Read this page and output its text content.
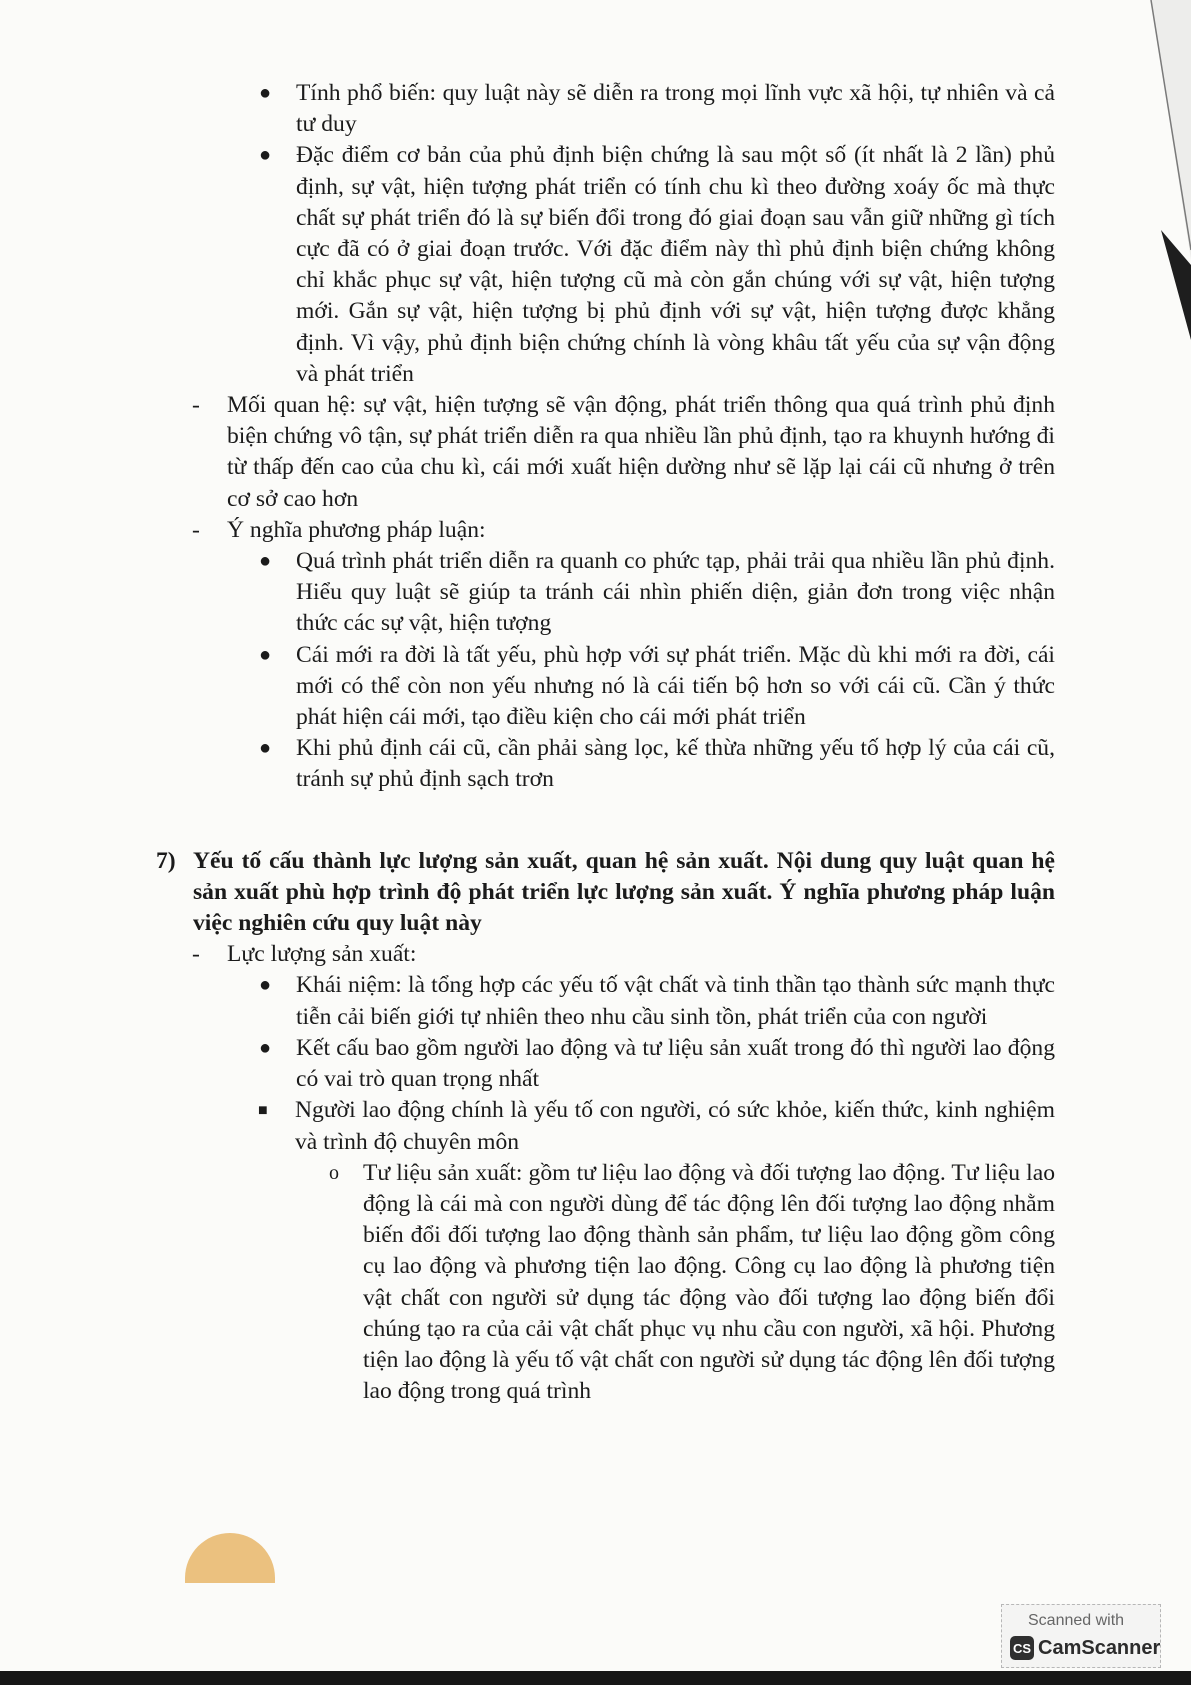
● Tính phổ biến: quy luật này sẽ diễn ra trong mọi lĩnh vực xã hội, tự nhiên và cả tư duy
● Đặc điểm cơ bản của phủ định biện chứng là sau một số (ít nhất là 2 lần) phủ định, sự vật, hiện tượng phát triển có tính chu kì theo đường xoáy ốc mà thực chất sự phát triển đó là sự biến đổi trong đó giai đoạn sau vẫn giữ những gì tích cực đã có ở giai đoạn trước. Với đặc điểm này thì phủ định biện chứng không chỉ khắc phục sự vật, hiện tượng cũ mà còn gắn chúng với sự vật, hiện tượng mới. Gắn sự vật, hiện tượng bị phủ định với sự vật, hiện tượng được khẳng định. Vì vậy, phủ định biện chứng chính là vòng khâu tất yếu của sự vận động và phát triển
- Mối quan hệ: sự vật, hiện tượng sẽ vận động, phát triển thông qua quá trình phủ định biện chứng vô tận, sự phát triển diễn ra qua nhiều lần phủ định, tạo ra khuynh hướng đi từ thấp đến cao của chu kì, cái mới xuất hiện dường như sẽ lặp lại cái cũ nhưng ở trên cơ sở cao hơn
- Ý nghĩa phương pháp luận:
● Quá trình phát triển diễn ra quanh co phức tạp, phải trải qua nhiều lần phủ định. Hiểu quy luật sẽ giúp ta tránh cái nhìn phiến diện, giản đơn trong việc nhận thức các sự vật, hiện tượng
● Cái mới ra đời là tất yếu, phù hợp với sự phát triển. Mặc dù khi mới ra đời, cái mới có thể còn non yếu nhưng nó là cái tiến bộ hơn so với cái cũ. Cần ý thức phát hiện cái mới, tạo điều kiện cho cái mới phát triển
● Khi phủ định cái cũ, cần phải sàng lọc, kế thừa những yếu tố hợp lý của cái cũ, tránh sự phủ định sạch trơn
7) Yếu tố cấu thành lực lượng sản xuất, quan hệ sản xuất. Nội dung quy luật quan hệ sản xuất phù hợp trình độ phát triển lực lượng sản xuất. Ý nghĩa phương pháp luận việc nghiên cứu quy luật này
- Lực lượng sản xuất:
● Khái niệm: là tổng hợp các yếu tố vật chất và tinh thần tạo thành sức mạnh thực tiễn cải biến giới tự nhiên theo nhu cầu sinh tồn, phát triển của con người
● Kết cấu bao gồm người lao động và tư liệu sản xuất trong đó thì người lao động có vai trò quan trọng nhất
■ Người lao động chính là yếu tố con người, có sức khỏe, kiến thức, kinh nghiệm và trình độ chuyên môn
o Tư liệu sản xuất: gồm tư liệu lao động và đối tượng lao động. Tư liệu lao động là cái mà con người dùng để tác động lên đối tượng lao động nhằm biến đổi đối tượng lao động thành sản phẩm, tư liệu lao động gồm công cụ lao động và phương tiện lao động. Công cụ lao động là phương tiện vật chất con người sử dụng tác động vào đối tượng lao động biến đổi chúng tạo ra của cải vật chất phục vụ nhu cầu con người, xã hội. Phương tiện lao động là yếu tố vật chất con người sử dụng tác động lên đối tượng lao động trong quá trình
Scanned with
CS CamScanner
